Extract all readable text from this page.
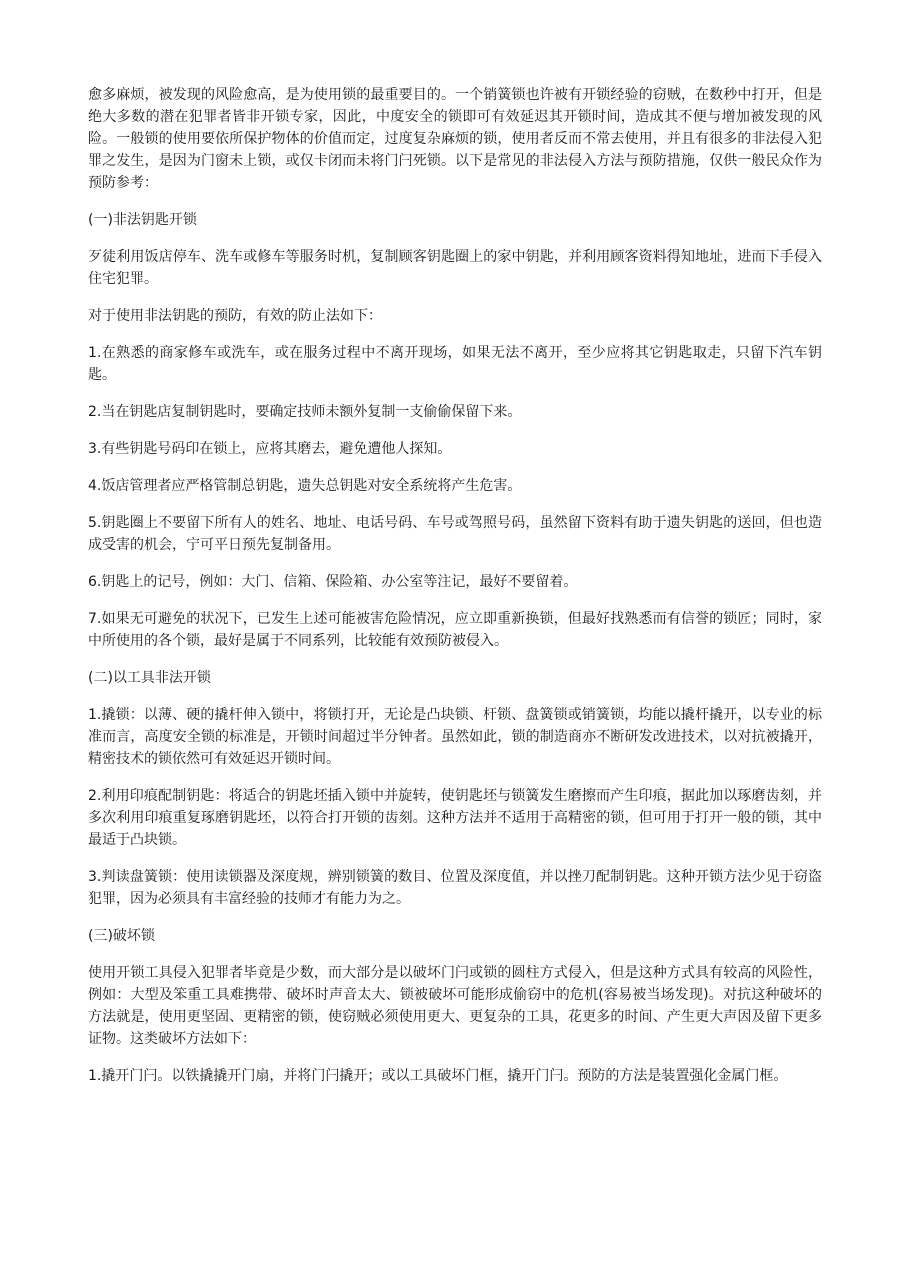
愈多麻烦，被发现的风险愈高，是为使用锁的最重要目的。一个销簧锁也许被有开锁经验的窃贼，在数秒中打开，但是绝大多数的潜在犯罪者皆非开锁专家，因此，中度安全的锁即可有效延迟其开锁时间，造成其不便与增加被发现的风险。一般锁的使用要依所保护物体的价值而定，过度复杂麻烦的锁，使用者反而不常去使用，并且有很多的非法侵入犯罪之发生，是因为门窗未上锁，或仅卡闭而未将门闩死锁。以下是常见的非法侵入方法与预防措施，仅供一般民众作为预防参考：

(一)非法钥匙开锁

歹徒利用饭店停车、洗车或修车等服务时机，复制顾客钥匙圈上的家中钥匙，并利用顾客资料得知地址，进而下手侵入住宅犯罪。

对于使用非法钥匙的预防，有效的防止法如下：

1.在熟悉的商家修车或洗车，或在服务过程中不离开现场，如果无法不离开，至少应将其它钥匙取走，只留下汽车钥匙。

2.当在钥匙店复制钥匙时，要确定技师未额外复制一支偷偷保留下来。

3.有些钥匙号码印在锁上，应将其磨去，避免遭他人探知。

4.饭店管理者应严格管制总钥匙，遗失总钥匙对安全系统将产生危害。

5.钥匙圈上不要留下所有人的姓名、地址、电话号码、车号或驾照号码，虽然留下资料有助于遗失钥匙的送回，但也造成受害的机会，宁可平日预先复制备用。

6.钥匙上的记号，例如：大门、信箱、保险箱、办公室等注记，最好不要留着。

7.如果无可避免的状况下，已发生上述可能被害危险情况，应立即重新换锁，但最好找熟悉而有信誉的锁匠；同时，家中所使用的各个锁，最好是属于不同系列，比较能有效预防被侵入。

(二)以工具非法开锁

1.撬锁：以薄、硬的撬杆伸入锁中，将锁打开，无论是凸块锁、杆锁、盘簧锁或销簧锁，均能以撬杆撬开，以专业的标准而言，高度安全锁的标准是，开锁时间超过半分钟者。虽然如此，锁的制造商亦不断研发改进技术，以对抗被撬开，精密技术的锁依然可有效延迟开锁时间。

2.利用印痕配制钥匙：将适合的钥匙坯插入锁中并旋转，使钥匙坯与锁簧发生磨擦而产生印痕，据此加以琢磨齿刻，并多次利用印痕重复琢磨钥匙坯，以符合打开锁的齿刻。这种方法并不适用于高精密的锁，但可用于打开一般的锁，其中最适于凸块锁。

3.判读盘簧锁：使用读锁器及深度规，辨别锁簧的数目、位置及深度值，并以挫刀配制钥匙。这种开锁方法少见于窃盗犯罪，因为必须具有丰富经验的技师才有能力为之。

(三)破坏锁

使用开锁工具侵入犯罪者毕竟是少数，而大部分是以破坏门闩或锁的圆柱方式侵入，但是这种方式具有较高的风险性，例如：大型及笨重工具难携带、破坏时声音太大、锁被破坏可能形成偷窃中的危机(容易被当场发现)。对抗这种破坏的方法就是，使用更坚固、更精密的锁，使窃贼必须使用更大、更复杂的工具，花更多的时间、产生更大声因及留下更多证物。这类破坏方法如下：

1.撬开门闩。以铁撬撬开门扇，并将门闩撬开；或以工具破坏门框，撬开门闩。预防的方法是装置强化金属门框。
